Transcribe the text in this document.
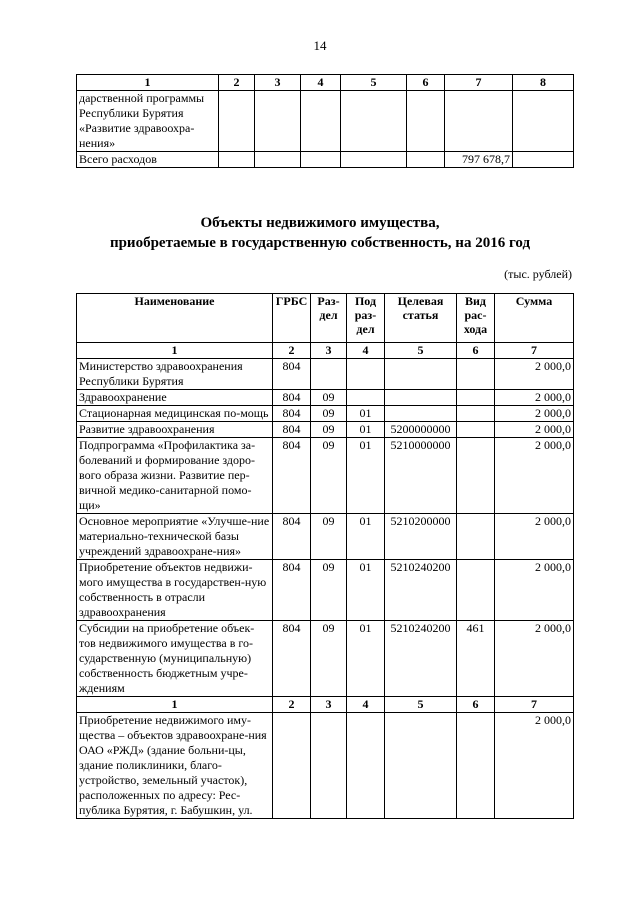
14
1	2	3	4	5	6	7	8
дарственной программы Республики Бурятия «Развитие здравоохра-нения»							
Всего расходов						797 678,7	
Объекты недвижимого имущества,
приобретаемые в государственную собственность, на 2016 год
(тыс. рублей)
Наименование	ГРБС	Раз-дел	Под раз-дел	Целевая статья	Вид рас-хода	Сумма
1	2	3	4	5	6	7
Министерство здравоохранения Республики Бурятия	804					2 000,0
Здравоохранение	804	09				2 000,0
Стационарная медицинская по-мощь	804	09	01			2 000,0
Развитие здравоохранения	804	09	01	5200000000		2 000,0
Подпрограмма «Профилактика за-болеваний и формирование здоро-вого образа жизни. Развитие пер-вичной медико-санитарной помо-щи»	804	09	01	5210000000		2 000,0
Основное мероприятие «Улучше-ние материально-технической базы учреждений здравоохране-ния»	804	09	01	5210200000		2 000,0
Приобретение объектов недвижи-мого имущества в государствен-ную собственность в отрасли здравоохранения	804	09	01	5210240200		2 000,0
Субсидии на приобретение объек-тов недвижимого имущества в го-сударственную (муниципальную) собственность бюджетным учре-ждениям	804	09	01	5210240200	461	2 000,0
1	2	3	4	5	6	7
Приобретение недвижимого иму-щества – объектов здравоохране-ния ОАО «РЖД» (здание больни-цы, здание поликлиники, благо-устройство, земельный участок), расположенных по адресу: Рес-публика Бурятия, г. Бабушкин, ул.						2 000,0
